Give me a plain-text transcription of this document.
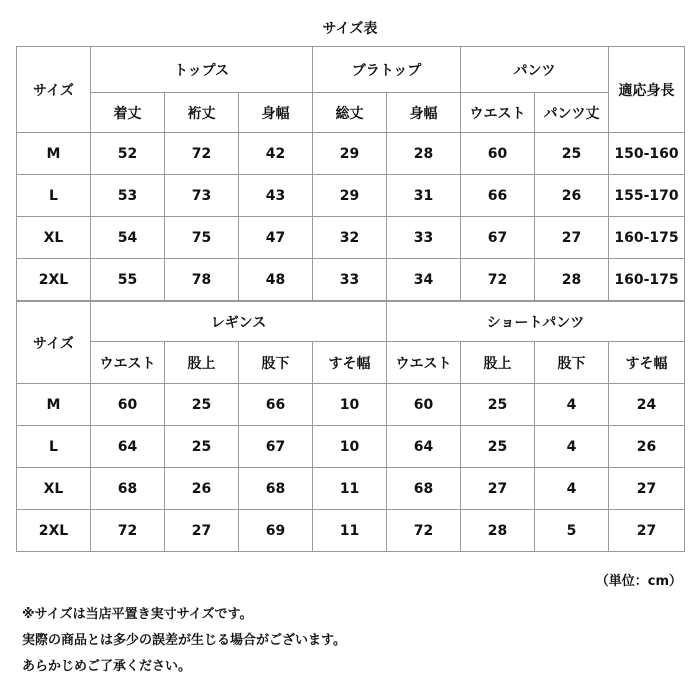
サイズ表
サイズ	トップス			ブラトップ		パンツ		適応身長
	着丈	裄丈	身幅	総丈	身幅	ウエスト	パンツ丈	
M	52	72	42	29	28	60	25	150-160
L	53	73	43	29	31	66	26	155-170
XL	54	75	47	32	33	67	27	160-175
2XL	55	78	48	33	34	72	28	160-175
サイズ	レギンス				ショートパンツ			
	ウエスト	股上	股下	すそ幅	ウエスト	股上	股下	すそ幅
M	60	25	66	10	60	25	4	24
L	64	25	67	10	64	25	4	26
XL	68	26	68	11	68	27	4	27
2XL	72	27	69	11	72	28	5	27
（単位：cm）
※サイズは当店平置き実寸サイズです。
実際の商品とは多少の誤差が生じる場合がございます。
あらかじめご了承ください。
